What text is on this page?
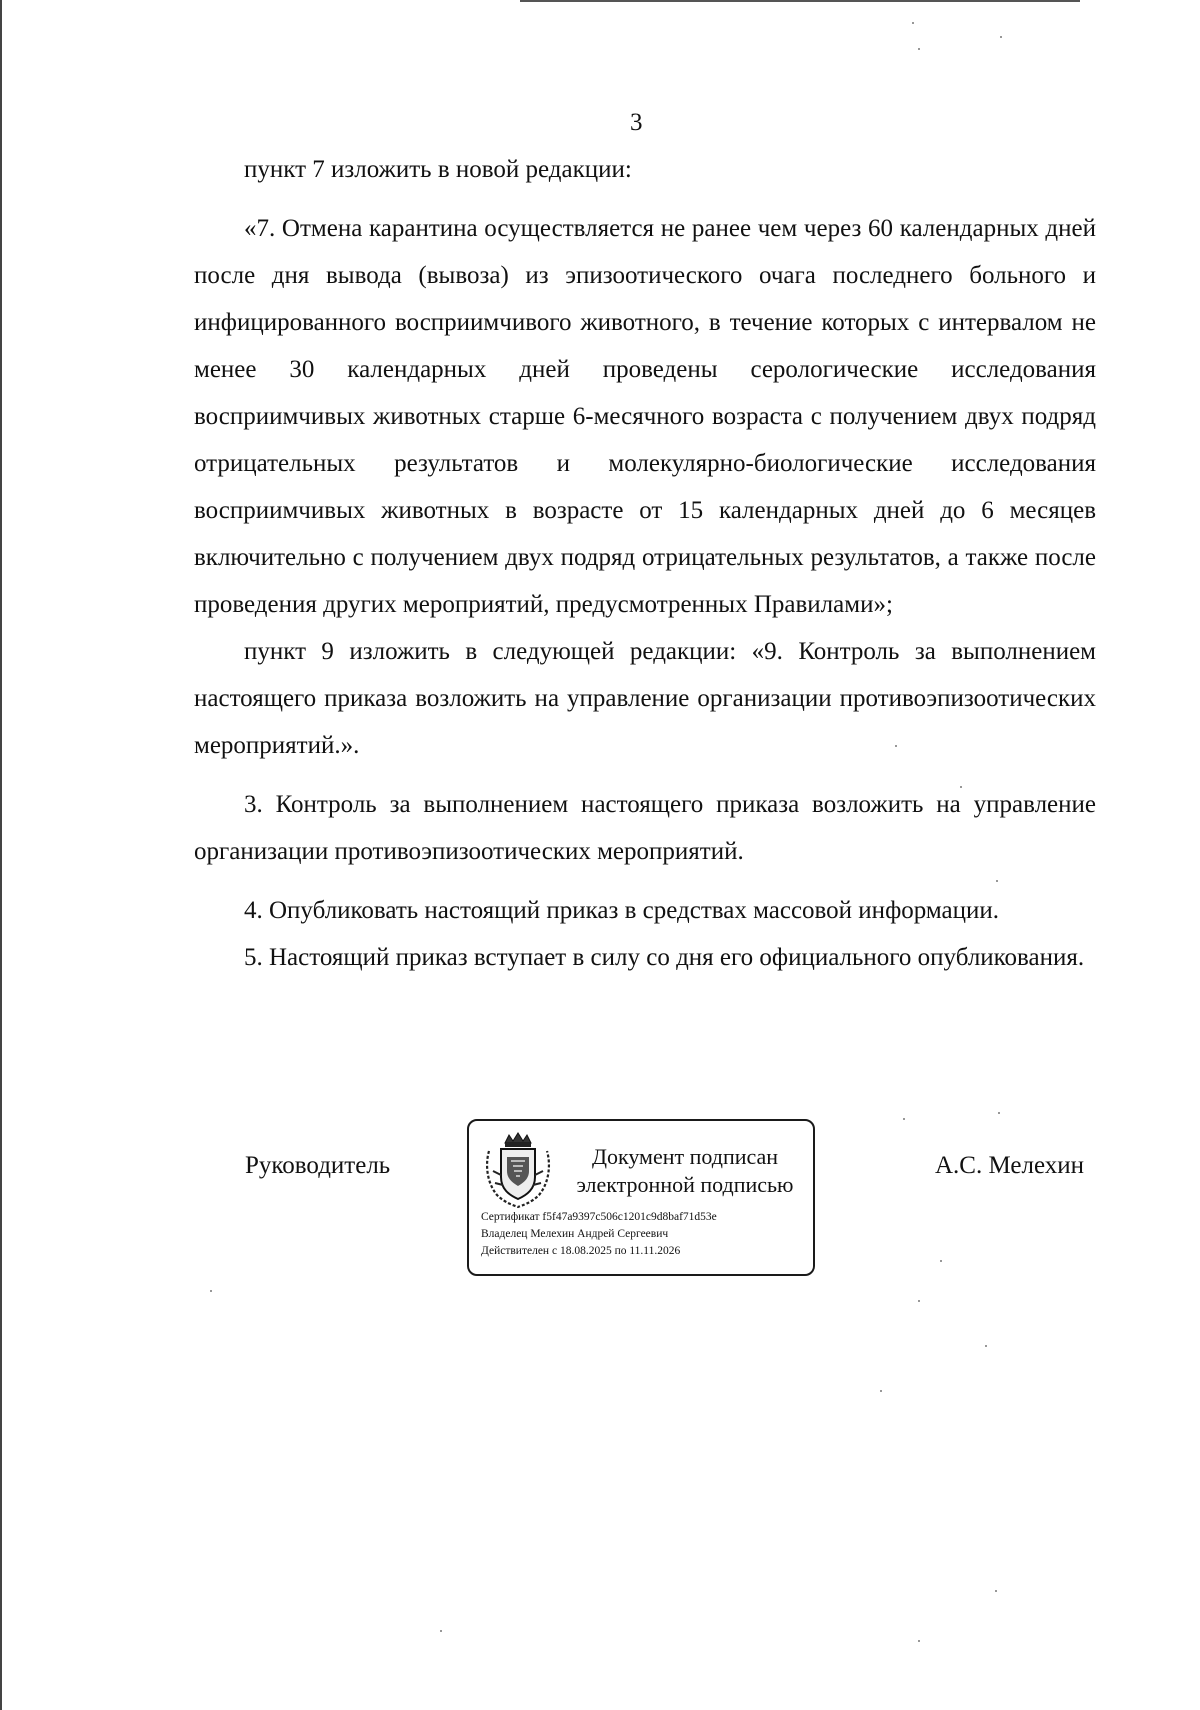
3

пункт 7 изложить в новой редакции:

«7. Отмена карантина осуществляется не ранее чем через 60 календарных дней после дня вывода (вывоза) из эпизоотического очага последнего больного и инфицированного восприимчивого животного, в течение которых с интервалом не менее 30 календарных дней проведены серологические исследования восприимчивых животных старше 6-месячного возраста с получением двух подряд отрицательных результатов и молекулярно-биологические исследования восприимчивых животных в возрасте от 15 календарных дней до 6 месяцев включительно с получением двух подряд отрицательных результатов, а также после проведения других мероприятий, предусмотренных Правилами»;

пункт 9 изложить в следующей редакции: «9. Контроль за выполнением настоящего приказа возложить на управление организации противоэпизоотических мероприятий.».

3. Контроль за выполнением настоящего приказа возложить на управление организации противоэпизоотических мероприятий.

4. Опубликовать настоящий приказ в средствах массовой информации.

5. Настоящий приказ вступает в силу со дня его официального опубликования.

Руководитель	Документ подписан
электронной подписью
Сертификат f5f47a9397c506c1201c9d8baf71d53e
Владелец Мелехин Андрей Сергеевич
Действителен с 18.08.2025 по 11.11.2026
А.С. Мелехин
